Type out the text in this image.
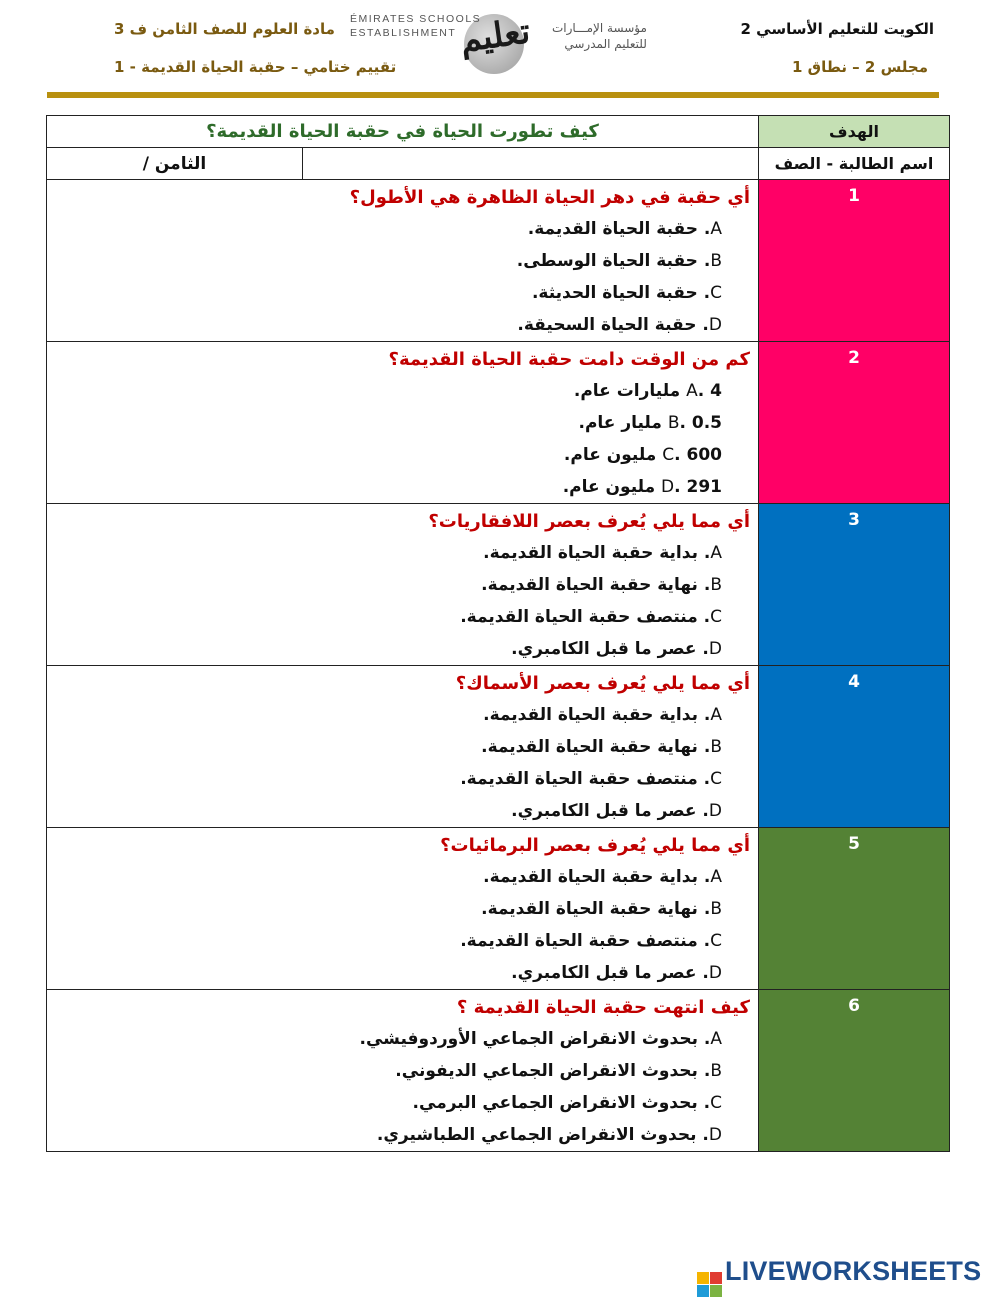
الكويت للتعليم الأساسي 2
مجلس 2 – نطاق 1
مؤسسة الإمـــارات
للتعليم المدرسي
تعليم
ÉMIRATES SCHOOLS
ESTABLISHMENT
مادة العلوم للصف الثامن ف 3
تقييم ختامي – حقبة الحياة القديمة - 1
الهدف	كيف تطورت الحياة في حقبة الحياة القديمة؟	
اسم الطالبة - الصف		الثامن /
1	أي حقبة في دهر الحياة الظاهرة هي الأطول؟
A. حقبة الحياة القديمة.
B. حقبة الحياة الوسطى.
C. حقبة الحياة الحديثة.
D. حقبة الحياة السحيقة.	

2	كم من الوقت دامت حقبة الحياة القديمة؟
A. 4 مليارات عام.
B. 0.5 مليار عام.
C. 600 مليون عام.
D. 291 مليون عام.	

3	أي مما يلي يُعرف بعصر اللافقاريات؟
A. بداية حقبة الحياة القديمة.
B. نهاية حقبة الحياة القديمة.
C. منتصف حقبة الحياة القديمة.
D. عصر ما قبل الكامبري.	

4	أي مما يلي يُعرف بعصر الأسماك؟
A. بداية حقبة الحياة القديمة.
B. نهاية حقبة الحياة القديمة.
C. منتصف حقبة الحياة القديمة.
D. عصر ما قبل الكامبري.	

5	أي مما يلي يُعرف بعصر البرمائيات؟
A. بداية حقبة الحياة القديمة.
B. نهاية حقبة الحياة القديمة.
C. منتصف حقبة الحياة القديمة.
D. عصر ما قبل الكامبري.	

6	كيف انتهت حقبة الحياة القديمة ؟
A. بحدوث الانقراض الجماعي الأوردوفيشي.
B. بحدوث الانقراض الجماعي الديفوني.
C. بحدوث الانقراض الجماعي البرمي.
D. بحدوث الانقراض الجماعي الطباشيري.	
LIVEWORKSHEETS
